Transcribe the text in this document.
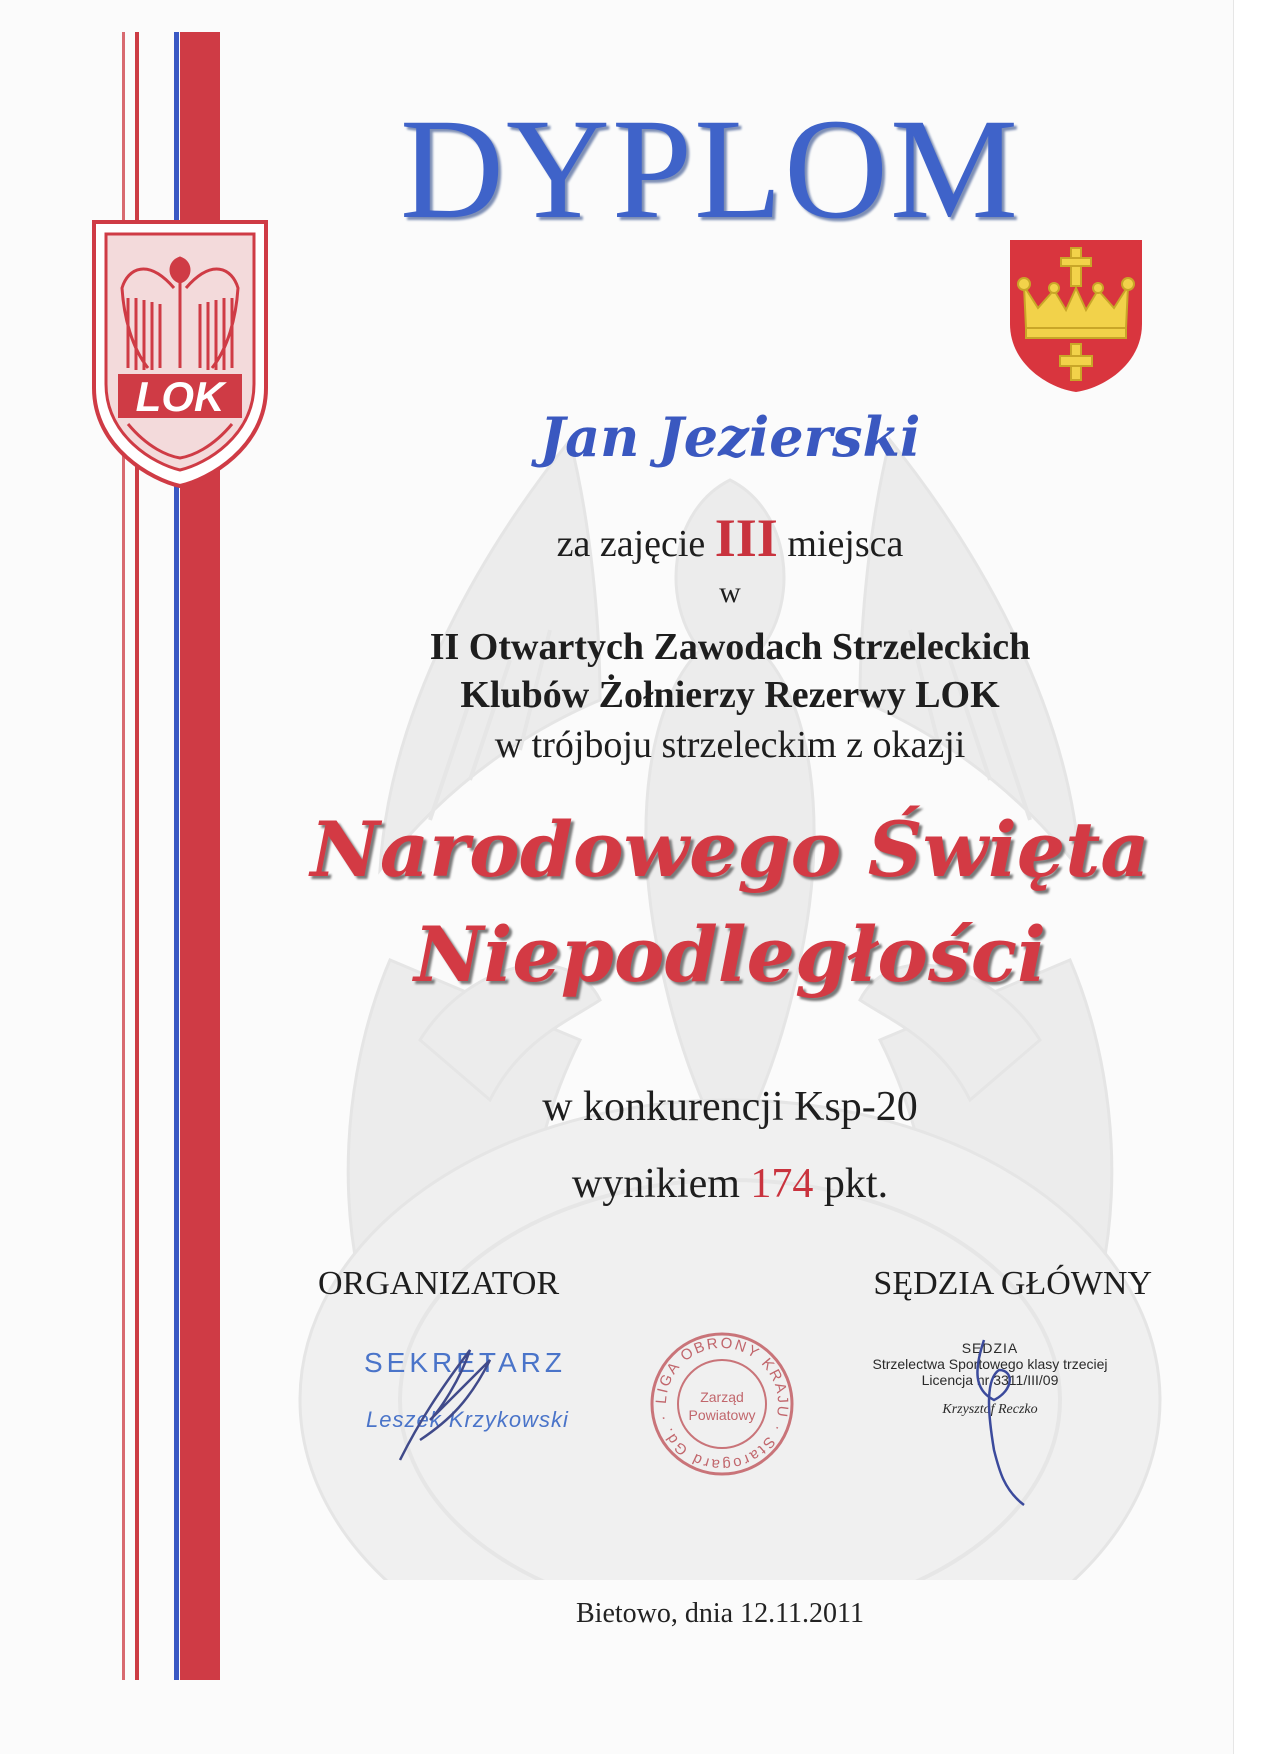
LOK
DYPLOM
Jan Jezierski
za zajęcie III miejsca
w
II Otwartych Zawodach Strzeleckich
Klubów Żołnierzy Rezerwy LOK
w trójboju strzeleckim z okazji
Narodowego Święta
Niepodległości
w konkurencji Ksp-20
wynikiem 174 pkt.
ORGANIZATOR	SĘDZIA GŁÓWNY
SEKRETARZ
Leszek Krzykowski
LIGA OBRONY KRAJU · Starogard Gd. ·
Zarząd
Powiatowy
SĘDZIA
Strzelectwa Sportowego klasy trzeciej
Licencja nr 3311/III/09
Krzysztof Reczko
Bietowo, dnia 12.11.2011
